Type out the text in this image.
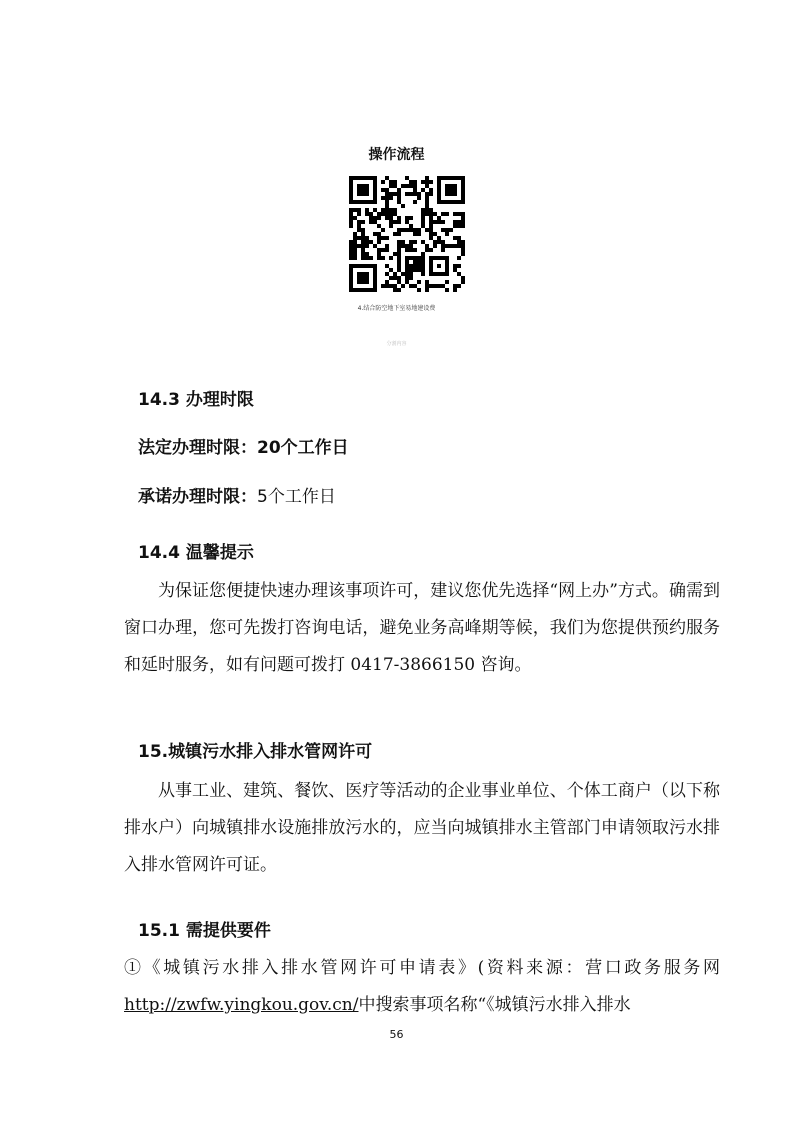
操作流程
4.结合防空地下室易地建设费
分割内容
14.3 办理时限
法定办理时限：20个工作日
承诺办理时限：5个工作日
14.4 温馨提示
为保证您便捷快速办理该事项许可，建议您优先选择“网上办”方式。确需到窗口办理，您可先拨打咨询电话，避免业务高峰期等候，我们为您提供预约服务和延时服务，如有问题可拨打 0417-3866150 咨询。
15.城镇污水排入排水管网许可
从事工业、建筑、餐饮、医疗等活动的企业事业单位、个体工商户（以下称排水户）向城镇排水设施排放污水的，应当向城镇排水主管部门申请领取污水排入排水管网许可证。
15.1 需提供要件
①《城镇污水排入排水管网许可申请表》(资料来源：营口政务服务网 http://zwfw.yingkou.gov.cn/中搜索事项名称“《城镇污水排入排水
56
